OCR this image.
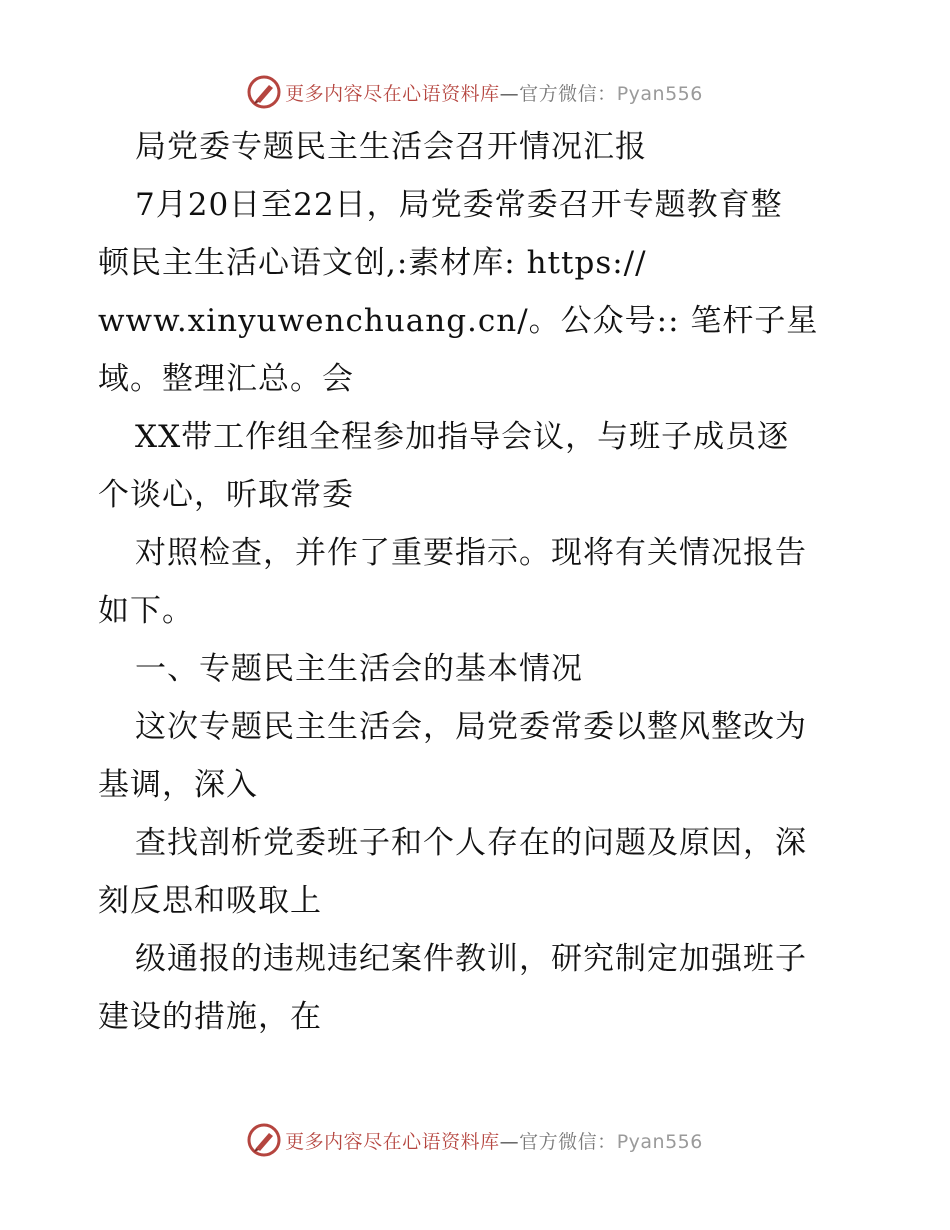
更多内容尽在心语资料库—官方微信：Pyan556
局党委专题民主生活会召开情况汇报
7月20日至22日，局党委常委召开专题教育整
顿民主生活心语文创,:素材库: https://
www.xinyuwenchuang.cn/。公众号:: 笔杆子星
域。整理汇总。会
XX带工作组全程参加指导会议，与班子成员逐
个谈心，听取常委
对照检查，并作了重要指示。现将有关情况报告
如下。
一、专题民主生活会的基本情况
这次专题民主生活会，局党委常委以整风整改为
基调，深入
查找剖析党委班子和个人存在的问题及原因，深
刻反思和吸取上
级通报的违规违纪案件教训，研究制定加强班子
建设的措施，在
更多内容尽在心语资料库—官方微信：Pyan556
